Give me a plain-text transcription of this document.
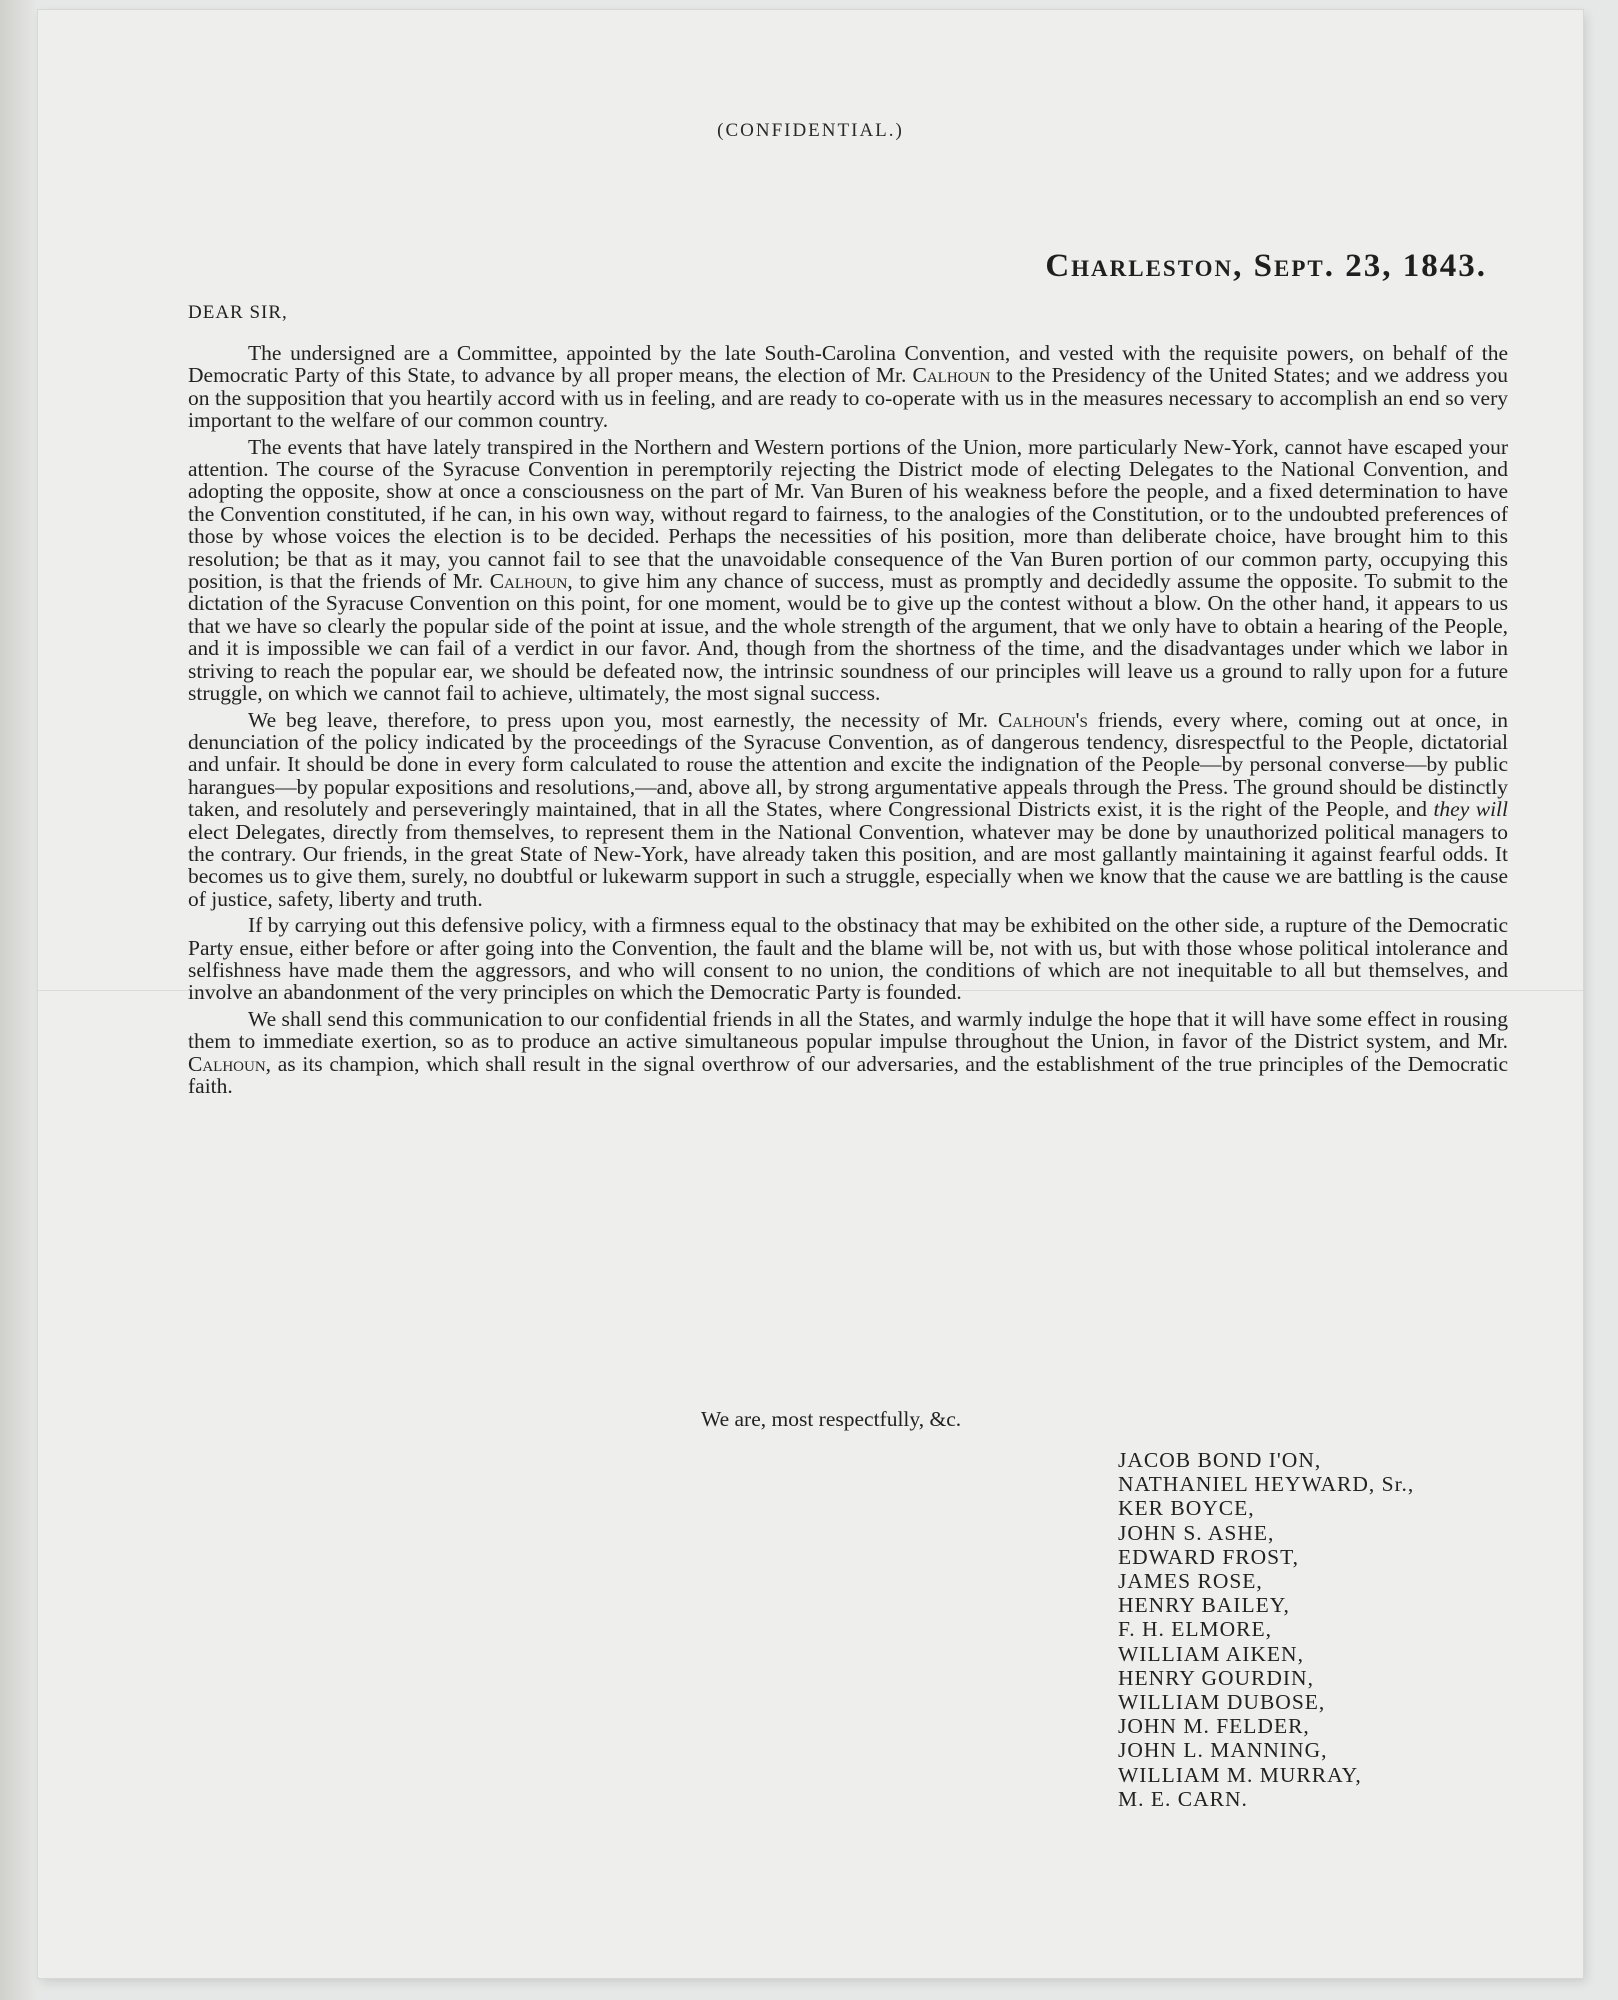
(CONFIDENTIAL.)
Charleston, Sept. 23, 1843.
DEAR SIR,

The undersigned are a Committee, appointed by the late South-Carolina Convention, and vested with the requisite powers, on behalf of the Democratic Party of this State, to advance by all proper means, the election of Mr. Calhoun to the Presidency of the United States; and we address you on the supposition that you heartily accord with us in feeling, and are ready to co-operate with us in the measures necessary to accomplish an end so very important to the welfare of our common country.

The events that have lately transpired in the Northern and Western portions of the Union, more particularly New-York, cannot have escaped your attention. The course of the Syracuse Convention in peremptorily rejecting the District mode of electing Delegates to the National Convention, and adopting the opposite, show at once a consciousness on the part of Mr. Van Buren of his weakness before the people, and a fixed determination to have the Convention constituted, if he can, in his own way, without regard to fairness, to the analogies of the Constitution, or to the undoubted preferences of those by whose voices the election is to be decided. Perhaps the necessities of his position, more than deliberate choice, have brought him to this resolution; be that as it may, you cannot fail to see that the unavoidable consequence of the Van Buren portion of our common party, occupying this position, is that the friends of Mr. Calhoun, to give him any chance of success, must as promptly and decidedly assume the opposite. To submit to the dictation of the Syracuse Convention on this point, for one moment, would be to give up the contest without a blow. On the other hand, it appears to us that we have so clearly the popular side of the point at issue, and the whole strength of the argument, that we only have to obtain a hearing of the People, and it is impossible we can fail of a verdict in our favor. And, though from the shortness of the time, and the disadvantages under which we labor in striving to reach the popular ear, we should be defeated now, the intrinsic soundness of our principles will leave us a ground to rally upon for a future struggle, on which we cannot fail to achieve, ultimately, the most signal success.

We beg leave, therefore, to press upon you, most earnestly, the necessity of Mr. Calhoun's friends, every where, coming out at once, in denunciation of the policy indicated by the proceedings of the Syracuse Convention, as of dangerous tendency, disrespectful to the People, dictatorial and unfair. It should be done in every form calculated to rouse the attention and excite the indignation of the People—by personal converse—by public harangues—by popular expositions and resolutions,—and, above all, by strong argumentative appeals through the Press. The ground should be distinctly taken, and resolutely and perseveringly maintained, that in all the States, where Congressional Districts exist, it is the right of the People, and they will elect Delegates, directly from themselves, to represent them in the National Convention, whatever may be done by unauthorized political managers to the contrary. Our friends, in the great State of New-York, have already taken this position, and are most gallantly maintaining it against fearful odds. It becomes us to give them, surely, no doubtful or lukewarm support in such a struggle, especially when we know that the cause we are battling is the cause of justice, safety, liberty and truth.

If by carrying out this defensive policy, with a firmness equal to the obstinacy that may be exhibited on the other side, a rupture of the Democratic Party ensue, either before or after going into the Convention, the fault and the blame will be, not with us, but with those whose political intolerance and selfishness have made them the aggressors, and who will consent to no union, the conditions of which are not inequitable to all but themselves, and involve an abandonment of the very principles on which the Democratic Party is founded.

We shall send this communication to our confidential friends in all the States, and warmly indulge the hope that it will have some effect in rousing them to immediate exertion, so as to produce an active simultaneous popular impulse throughout the Union, in favor of the District system, and Mr. Calhoun, as its champion, which shall result in the signal overthrow of our adversaries, and the establishment of the true principles of the Democratic faith.

We are, most respectfully, &c.
JACOB BOND I'ON,
NATHANIEL HEYWARD, Sr.,
KER BOYCE,
JOHN S. ASHE,
EDWARD FROST,
JAMES ROSE,
HENRY BAILEY,
F. H. ELMORE,
WILLIAM AIKEN,
HENRY GOURDIN,
WILLIAM DUBOSE,
JOHN M. FELDER,
JOHN L. MANNING,
WILLIAM M. MURRAY,
M. E. CARN.
